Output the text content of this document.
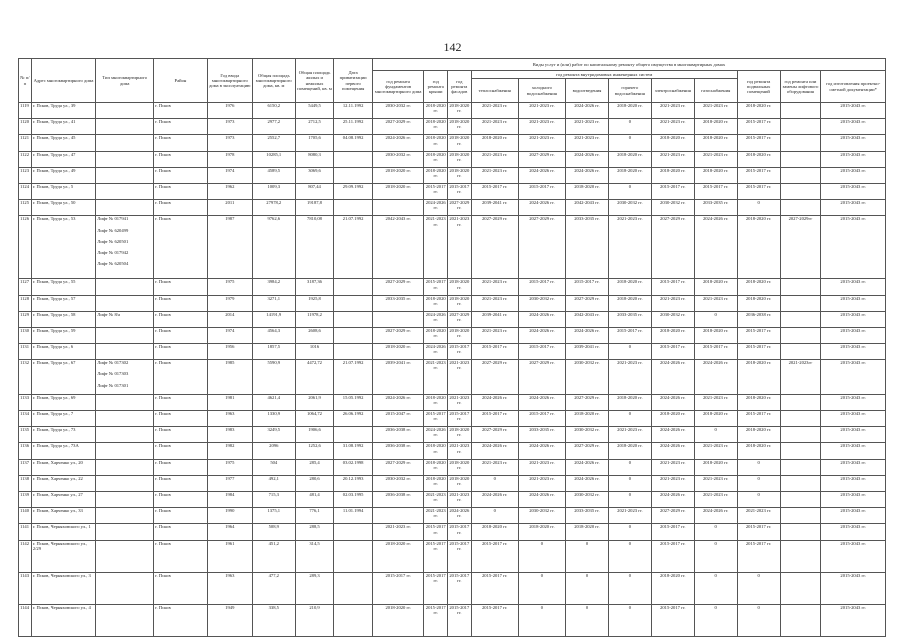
142
№ п/п	Адрес многоквартирного дома	Тип многоквартирного дома	Район	Год ввода многоквартирного дома в эксплуатацию	Общая площадь многоквартирного дома, кв. м	Общая площадь жилых и нежилых помещений, кв. м	Дата приватизации первого помещения	Виды услуг и (или) работ по капитальному ремонту общего имущества в многоквартирных домах											
								год ремонта фундаментов многоквартирного дома	год ремонта крыши	год ремонта фасадов	год ремонта внутридомовых инженерных систем						год ремонта подвальных помещений	год ремонта или замены лифтового оборудования	год изготовления проектно-сметной документации*
											теплоснабжения	холодного водоснабжения	водоотведения	горячего водоснабжения	электроснабжения	газоснабжения			
1119	г. Псков, Труда ул., 39		г. Псков	1976	6150,2	5449,5	12.11.1992	2030-2032 гг.	2018-2020 гг.	2018-2020 гг.	2021-2023 гг.	2021-2023 гг.	2024-2026 гг.	2018-2020 гг.	2021-2023 гг.	2021-2023 гг.	2018-2020 гг.		2015-2043 гг.
1120	г. Псков, Труда ул., 41		г. Псков	1973	2977,2	2712,5	25.11.1992	2027-2029 гг.	2018-2020 гг.	2018-2020 гг.	2021-2023 гг.	2021-2023 гг.	2021-2023 гг.	0	2021-2023 гг.	2018-2020 гг.	2015-2017 гг.		2015-2043 гг.
1121	г. Псков, Труда ул., 45		г. Псков	1973	2552,7	1705,6	04.08.1992	2024-2026 гг.	2018-2020 гг.	2018-2020 гг.	2018-2020 гг.	2021-2023 гг.	2021-2023 гг.	0	2018-2020 гг.	2018-2020 гг.	2015-2017 гг.		2015-2043 гг.
1122	г. Псков, Труда ул., 47		г. Псков	1978	10285,1	8080,3		2030-2032 гг.	2018-2020 гг.	2018-2020 гг.	2021-2023 гг.	2027-2029 гг.	2024-2026 гг.	2018-2020 гг.	2021-2023 гг.	2021-2023 гг.	2018-2020 гг.		2015-2043 гг.
1123	г. Псков, Труда ул., 49		г. Псков	1974	4589,5	3069,6		2018-2020 гг.	2018-2020 гг.	2018-2020 гг.	2021-2023 гг.	2024-2026 гг.	2024-2026 гг.	2018-2020 гг.	2018-2020 гг.	2018-2020 гг.	2015-2017 гг.		2015-2043 гг.
1124	г. Псков, Труда ул., 5		г. Псков	1962	1009,3	807,44	29.09.1992	2018-2020 гг.	2015-2017 гг.	2015-2017 гг.	2015-2017 гг.	2015-2017 гг.	2018-2020 гг.	0	2015-2017 гг.	2015-2017 гг.	2015-2017 гг.		2015-2043 гг.
1125	г. Псков, Труда ул., 50		г. Псков	2011	27978,2	19187,8			2024-2026 гг.	2027-2029 гг.	2039-2041 гг.	2024-2026 гг.	2042-2043 гг.	2030-2032 гг.	2030-2032 гг.	2033-2035 гг.	0		2015-2043 гг.
1126	г. Псков, Труда ул., 53	Лифт № 017941
Лифт № 620499
Лифт № 620501
Лифт № 017942
Лифт № 620504	г. Псков	1987	9762,6	7810,08	21.07.1992	2042-2043 гг.	2021-2023 гг.	2021-2023 гг.	2027-2029 гг.	2027-2029 гг.	2033-2035 гг.	2021-2023 гг.	2027-2029 гг.	2024-2026 гг.	2018-2020 гг.	2027-2029гг	2015-2043 гг.
1127	г. Псков, Труда ул., 55		г. Псков	1975	3984,2	3187,36		2027-2029 гг.	2015-2017 гг.	2018-2020 гг.	2021-2023 гг.	2015-2017 гг.	2015-2017 гг.	2018-2020 гг.	2015-2017 гг.	2018-2020 гг.	2018-2020 гг.		2015-2043 гг.
1128	г. Псков, Труда ул., 57		г. Псков	1979	3271,1	1925,8		2033-2035 гг.	2018-2020 гг.	2018-2020 гг.	2021-2023 гг.	2030-2032 гг.	2027-2029 гг.	2018-2020 гг.	2021-2023 гг.	2021-2023 гг.	2018-2020 гг.		2015-2043 гг.
1129	г. Псков, Труда ул., 58	Лифт № 8/а	г. Псков	2014	14191,9	11978,2			2024-2026 гг.	2027-2029 гг.	2039-2041 гг.	2024-2026 гг.	2042-2043 гг.	2033-2035 гг.	2030-2032 гг.	0	2036-2038 гг.		2015-2043 гг.
1130	г. Псков, Труда ул., 59		г. Псков	1974	4564,3	2608,6		2027-2029 гг.	2018-2020 гг.	2018-2020 гг.	2021-2023 гг.	2024-2026 гг.	2024-2026 гг.	2015-2017 гг.	2018-2020 гг.	2018-2020 гг.	2015-2017 гг.		2015-2043 гг.
1131	г. Псков, Труда ул., 6		г. Псков	1956	1857,5	1016		2018-2020 гг.	2024-2026 гг.	2015-2017 гг.	2015-2017 гг.	2015-2017 гг.	2039-2041 гг.	0	2015-2017 гг.	2015-2017 гг.	2015-2017 гг.		2015-2043 гг.
1132	г. Псков, Труда ул., 67	Лифт № 017302
Лифт № 017303
Лифт № 017301	г. Псков	1985	5590,9	4472,72	21.07.1992	2039-2041 гг.	2021-2023 гг.	2021-2023 гг.	2027-2029 гг.	2027-2029 гг.	2030-2032 гг.	2021-2023 гг.	2024-2026 гг.	2024-2026 гг.	2018-2020 гг.	2021-2023гг	2015-2043 гг.
1133	г. Псков, Труда ул., 69		г. Псков	1981	4621,4	2061,9	15.05.1992	2024-2026 гг.	2018-2020 гг.	2021-2023 гг.	2024-2026 гг.	2024-2026 гг.	2027-2029 гг.	2018-2020 гг.	2024-2026 гг.	2021-2023 гг.	2018-2020 гг.		2015-2043 гг.
1134	г. Псков, Труда ул., 7		г. Псков	1963	1330,9	1064,72	26.06.1992	2015-2047 гг.	2015-2017 гг.	2015-2017 гг.	2015-2017 гг.	2015-2017 гг.	2018-2020 гг.	0	2018-2020 гг.	2018-2020 гг.	2015-2017 гг.		2015-2043 гг.
1135	г. Псков, Труда ул., 73		г. Псков	1983	3249,5	1906,6		2036-2038 гг.	2024-2026 гг.	2018-2020 гг.	2027-2029 гг.	2033-2035 гг.	2030-2032 гг.	2021-2023 гг.	2024-2026 гг.	0	2018-2020 гг.		2015-2043 гг.
1136	г. Псков, Труда ул., 73А		г. Псков	1982	2096	1252,6	31.08.1992	2036-2038 гг.	2018-2020 гг.	2021-2023 гг.	2024-2026 гг.	2024-2026 гг.	2027-2029 гг.	2018-2020 гг.	2024-2026 гг.	2021-2023 гг.	2018-2020 гг.		2015-2043 гг.
1137	г. Псков, Харченко ул., 20		г. Псков	1975	504	285,4	03.02.1998	2027-2029 гг.	2018-2020 гг.	2018-2020 гг.	2021-2023 гг.	2021-2023 гг.	2024-2026 гг.	0	2021-2023 гг.	2018-2020 гг.	0		2015-2043 гг.
1138	г. Псков, Харченко ул., 22		г. Псков	1977	492,1	280,6	20.12.1993	2030-2032 гг.	2018-2020 гг.	2018-2020 гг.	0	2021-2023 гг.	2024-2026 гг.	0	2021-2023 гг.	2021-2023 гг.	0		2015-2043 гг.
1139	г. Псков, Харченко ул., 27		г. Псков	1984	715,3	481,4	02.03.1995	2036-2038 гг.	2021-2023 гг.	2021-2023 гг.	2024-2026 гг.	2024-2026 гг.	2030-2032 гг.	0	2024-2026 гг.	2021-2023 гг.	0		2015-2043 гг.
1140	г. Псков, Харченко ул., 33		г. Псков	1990	1375,1	776,1	11.01.1994		2021-2023 гг.	2024-2026 гг.	0	2030-2032 гг.	2033-2035 гг.	2021-2023 гг.	2027-2029 гг.	2024-2026 гг.	2021-2023 гг.		2015-2043 гг.
1141	г. Псков, Черняховского ул., 1		г. Псков	1964	508,9	288,5		2021-2023 гг.	2015-2017 гг.	2015-2017 гг.	2018-2020 гг.	2018-2020 гг.	2018-2020 гг.	0	2015-2017 гг.	0	2015-2017 гг.		2015-2043 гг.
1142	г. Псков, Черняховского ул., 2/29		г. Псков	1961	451,2	314,5		2018-2020 гг.	2015-2017 гг.	2015-2017 гг.	2015-2017 гг.	0	0	0	2015-2017 гг.	0	2015-2017 гг.		2015-2043 гг.
1143	г. Псков, Черняховского ул., 3		г. Псков	1963	477,2	289,3		2015-2017 гг.	2015-2017 гг.	2015-2017 гг.	2015-2017 гг.	0	0	0	2018-2020 гг.	0	0		2015-2043 гг.
1144	г. Псков, Черняховского ул., 4		г. Псков	1949	338,5	210,9		2018-2020 гг.	2015-2017 гг.	2015-2017 гг.	2015-2017 гг.	0	0	0	2015-2017 гг.	0	0		2015-2043 гг.
